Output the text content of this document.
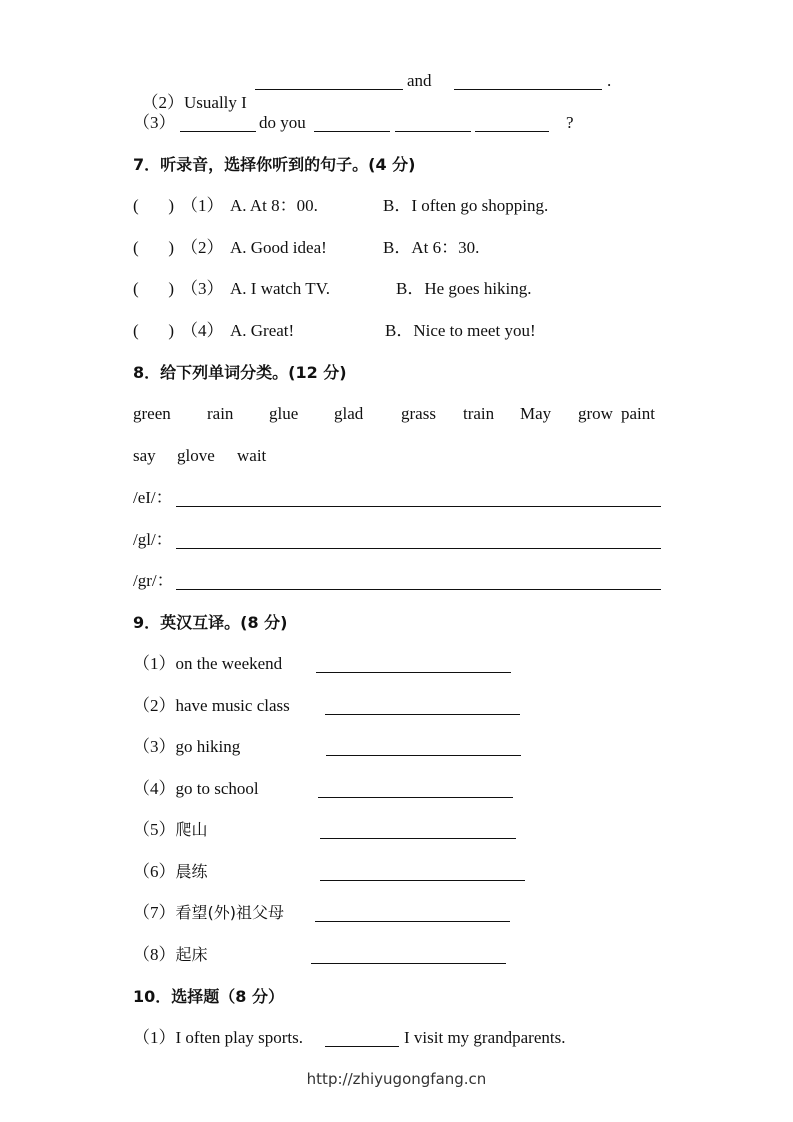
（2）Usually I

and	.
（3）	do you	?
7．听录音，选择你听到的句子。(4 分)
(       ) （1） A. At 8：00.	B．I often go shopping.
(       ) （2） A. Good idea!	B．At 6：30.
(       ) （3） A. I watch TV.	B．He goes hiking.
(       ) （4） A. Great!	B．Nice to meet you!
8．给下列单词分类。(12 分)
green rain glue glad grass train May grow paint
say glove wait
/eI/：
/gl/：
/gr/：
9．英汉互译。(8 分)
（1）on the weekend
（2）have music class
（3）go hiking
（4）go to school
（5）爬山
（6）晨练
（7）看望(外)祖父母
（8）起床
10．选择题（8 分）
（1）I often play sports.	I visit my grandparents.
http://zhiyugongfang.cn
